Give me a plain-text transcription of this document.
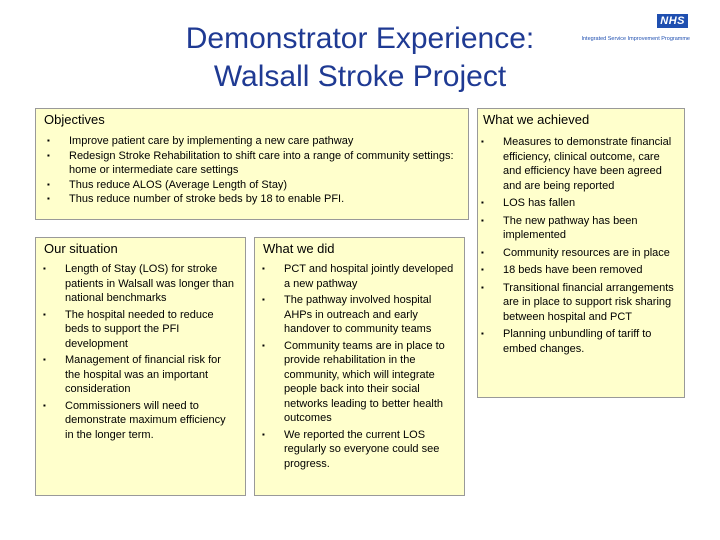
Demonstrator Experience:
Walsall Stroke Project
NHS
Integrated Service Improvement Programme
Objectives
▪ Improve patient care by implementing a new care pathway
▪ Redesign Stroke Rehabilitation to shift care into a range of community settings: home or intermediate care settings
▪ Thus reduce ALOS (Average Length of Stay)
▪ Thus reduce number of stroke beds by 18 to enable PFI.
Our situation
▪ Length of Stay (LOS) for stroke patients in Walsall was longer than national benchmarks
▪ The hospital needed to reduce beds to support the PFI development
▪ Management of financial risk for the hospital was an important consideration
▪ Commissioners will need to demonstrate maximum efficiency in the longer term.
What we did
▪ PCT and hospital jointly developed a new pathway
▪ The pathway involved hospital AHPs in outreach and early handover to community teams
▪ Community teams are in place to provide rehabilitation in the community, which will integrate people back into their social networks leading to better health outcomes
▪ We reported the current LOS regularly so everyone could see progress.
What we achieved
▪ Measures to demonstrate financial efficiency, clinical outcome, care and efficiency have been agreed and are being reported
▪ LOS has fallen
▪ The new pathway has been implemented
▪ Community resources are in place
▪ 18 beds have been removed
▪ Transitional financial arrangements are in place to support risk sharing between hospital and PCT
▪ Planning unbundling of tariff to embed changes.
